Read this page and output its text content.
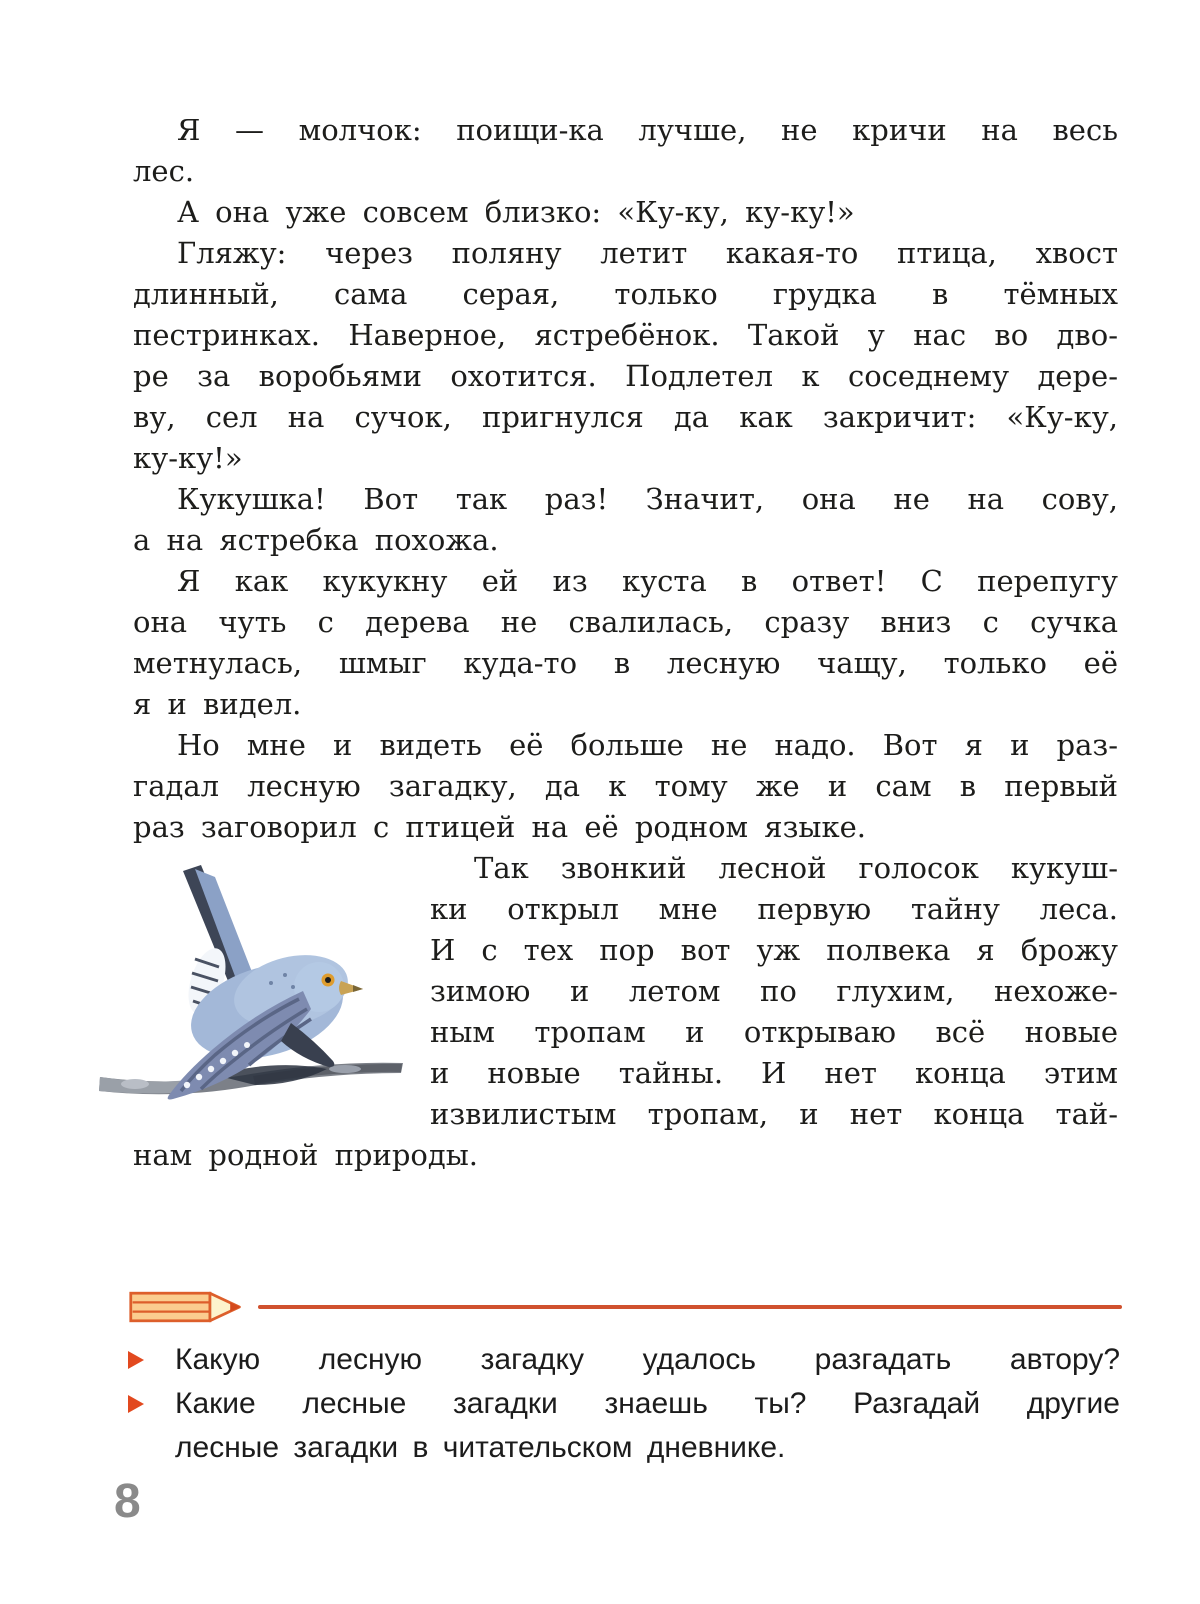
Я — молчок: поищи-ка лучше, не кричи на весь
лес.
А она уже совсем близко: «Ку-ку, ку-ку!»
Гляжу: через поляну летит какая-то птица, хвост
длинный, сама серая, только грудка в тёмных
пестринках. Наверное, ястребёнок. Такой у нас во дво-
ре за воробьями охотится. Подлетел к соседнему дере-
ву, сел на сучок, пригнулся да как закричит: «Ку-ку,
ку-ку!»
Кукушка! Вот так раз! Значит, она не на сову,
а на ястребка похожа.
Я как кукукну ей из куста в ответ! С перепугу
она чуть с дерева не свалилась, сразу вниз с сучка
метнулась, шмыг куда-то в лесную чащу, только её
я и видел.
Но мне и видеть её больше не надо. Вот я и раз-
гадал лесную загадку, да к тому же и сам в первый
раз заговорил с птицей на её родном языке.
Так звонкий лесной голосок кукуш-
ки открыл мне первую тайну леса.
И с тех пор вот уж полвека я брожу
зимою и летом по глухим, нехоже-
ным тропам и открываю всё новые
и новые тайны. И нет конца этим
извилистым тропам, и нет конца тай-
нам родной природы.
Какую лесную загадку удалось разгадать автору?
Какие лесные загадки знаешь ты? Разгадай другие
лесные загадки в читательском дневнике.
8
